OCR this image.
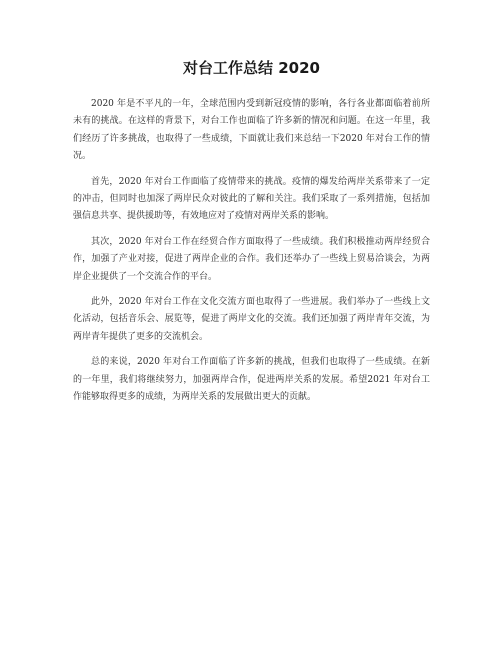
对台工作总结 2020

2020 年是不平凡的一年，全球范围内受到新冠疫情的影响，各行各业都面临着前所未有的挑战。在这样的背景下，对台工作也面临了许多新的情况和问题。在这一年里，我们经历了许多挑战，也取得了一些成绩，下面就让我们来总结一下2020 年对台工作的情况。

首先，2020 年对台工作面临了疫情带来的挑战。疫情的爆发给两岸关系带来了一定的冲击，但同时也加深了两岸民众对彼此的了解和关注。我们采取了一系列措施，包括加强信息共享、提供援助等，有效地应对了疫情对两岸关系的影响。

其次，2020 年对台工作在经贸合作方面取得了一些成绩。我们积极推动两岸经贸合作，加强了产业对接，促进了两岸企业的合作。我们还举办了一些线上贸易洽谈会，为两岸企业提供了一个交流合作的平台。

此外，2020 年对台工作在文化交流方面也取得了一些进展。我们举办了一些线上文化活动，包括音乐会、展览等，促进了两岸文化的交流。我们还加强了两岸青年交流，为两岸青年提供了更多的交流机会。

总的来说，2020 年对台工作面临了许多新的挑战，但我们也取得了一些成绩。在新的一年里，我们将继续努力，加强两岸合作，促进两岸关系的发展。希望2021 年对台工作能够取得更多的成绩，为两岸关系的发展做出更大的贡献。
